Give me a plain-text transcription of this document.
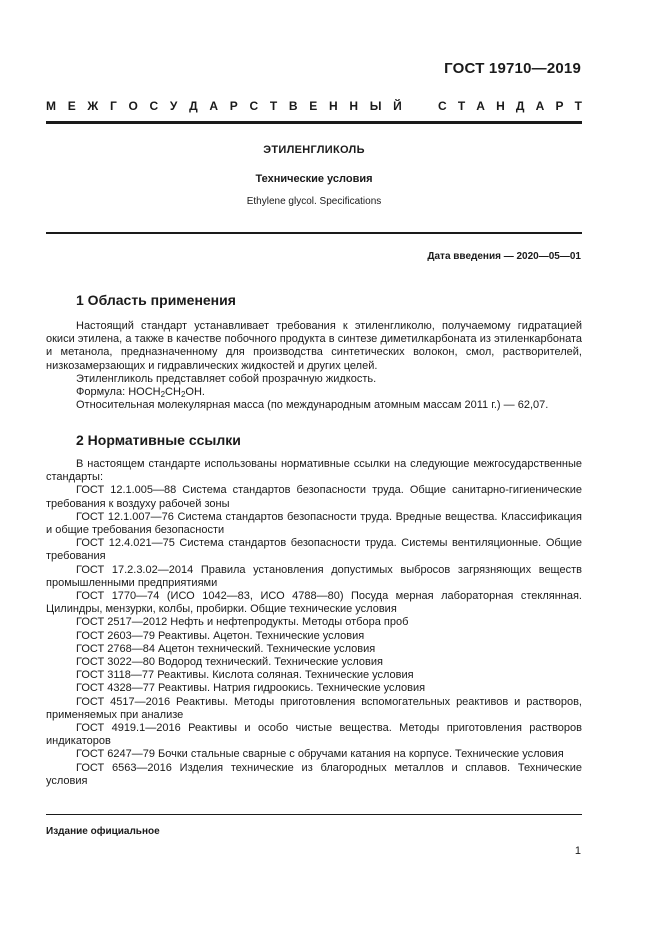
ГОСТ 19710—2019
М Е Ж Г О С У Д А Р С Т В Е Н Н Ы Й	С Т А Н Д А Р Т
ЭТИЛЕНГЛИКОЛЬ
Технические условия
Ethylene glycol. Specifications
Дата введения — 2020—05—01
1 Область применения

Настоящий стандарт устанавливает требования к этиленгликолю, получаемому гидратацией окиси этилена, а также в качестве побочного продукта в синтезе диметилкарбоната из этиленкарбоната и метанола, предназначенному для производства синтетических волокон, смол, растворителей, низкозамерзающих и гидравлических жидкостей и других целей.

Этиленгликоль представляет собой прозрачную жидкость.

Формула: $HOCH_2CH_2OH$.

Относительная молекулярная масса (по международным атомным массам 2011 г.) — 62,07.

2 Нормативные ссылки

В настоящем стандарте использованы нормативные ссылки на следующие межгосударственные стандарты:

ГОСТ 12.1.005—88 Система стандартов безопасности труда. Общие санитарно-гигиенические требования к воздуху рабочей зоны

ГОСТ 12.1.007—76 Система стандартов безопасности труда. Вредные вещества. Классификация и общие требования безопасности

ГОСТ 12.4.021—75 Система стандартов безопасности труда. Системы вентиляционные. Общие требования

ГОСТ 17.2.3.02—2014 Правила установления допустимых выбросов загрязняющих веществ промышленными предприятиями

ГОСТ 1770—74 (ИСО 1042—83, ИСО 4788—80) Посуда мерная лабораторная стеклянная. Цилиндры, мензурки, колбы, пробирки. Общие технические условия

ГОСТ 2517—2012 Нефть и нефтепродукты. Методы отбора проб

ГОСТ 2603—79 Реактивы. Ацетон. Технические условия

ГОСТ 2768—84 Ацетон технический. Технические условия

ГОСТ 3022—80 Водород технический. Технические условия

ГОСТ 3118—77 Реактивы. Кислота соляная. Технические условия

ГОСТ 4328—77 Реактивы. Натрия гидроокись. Технические условия

ГОСТ 4517—2016 Реактивы. Методы приготовления вспомогательных реактивов и растворов, применяемых при анализе

ГОСТ 4919.1—2016 Реактивы и особо чистые вещества. Методы приготовления растворов индикаторов

ГОСТ 6247—79 Бочки стальные сварные с обручами катания на корпусе. Технические условия

ГОСТ 6563—2016 Изделия технические из благородных металлов и сплавов. Технические условия

Издание официальное
1
